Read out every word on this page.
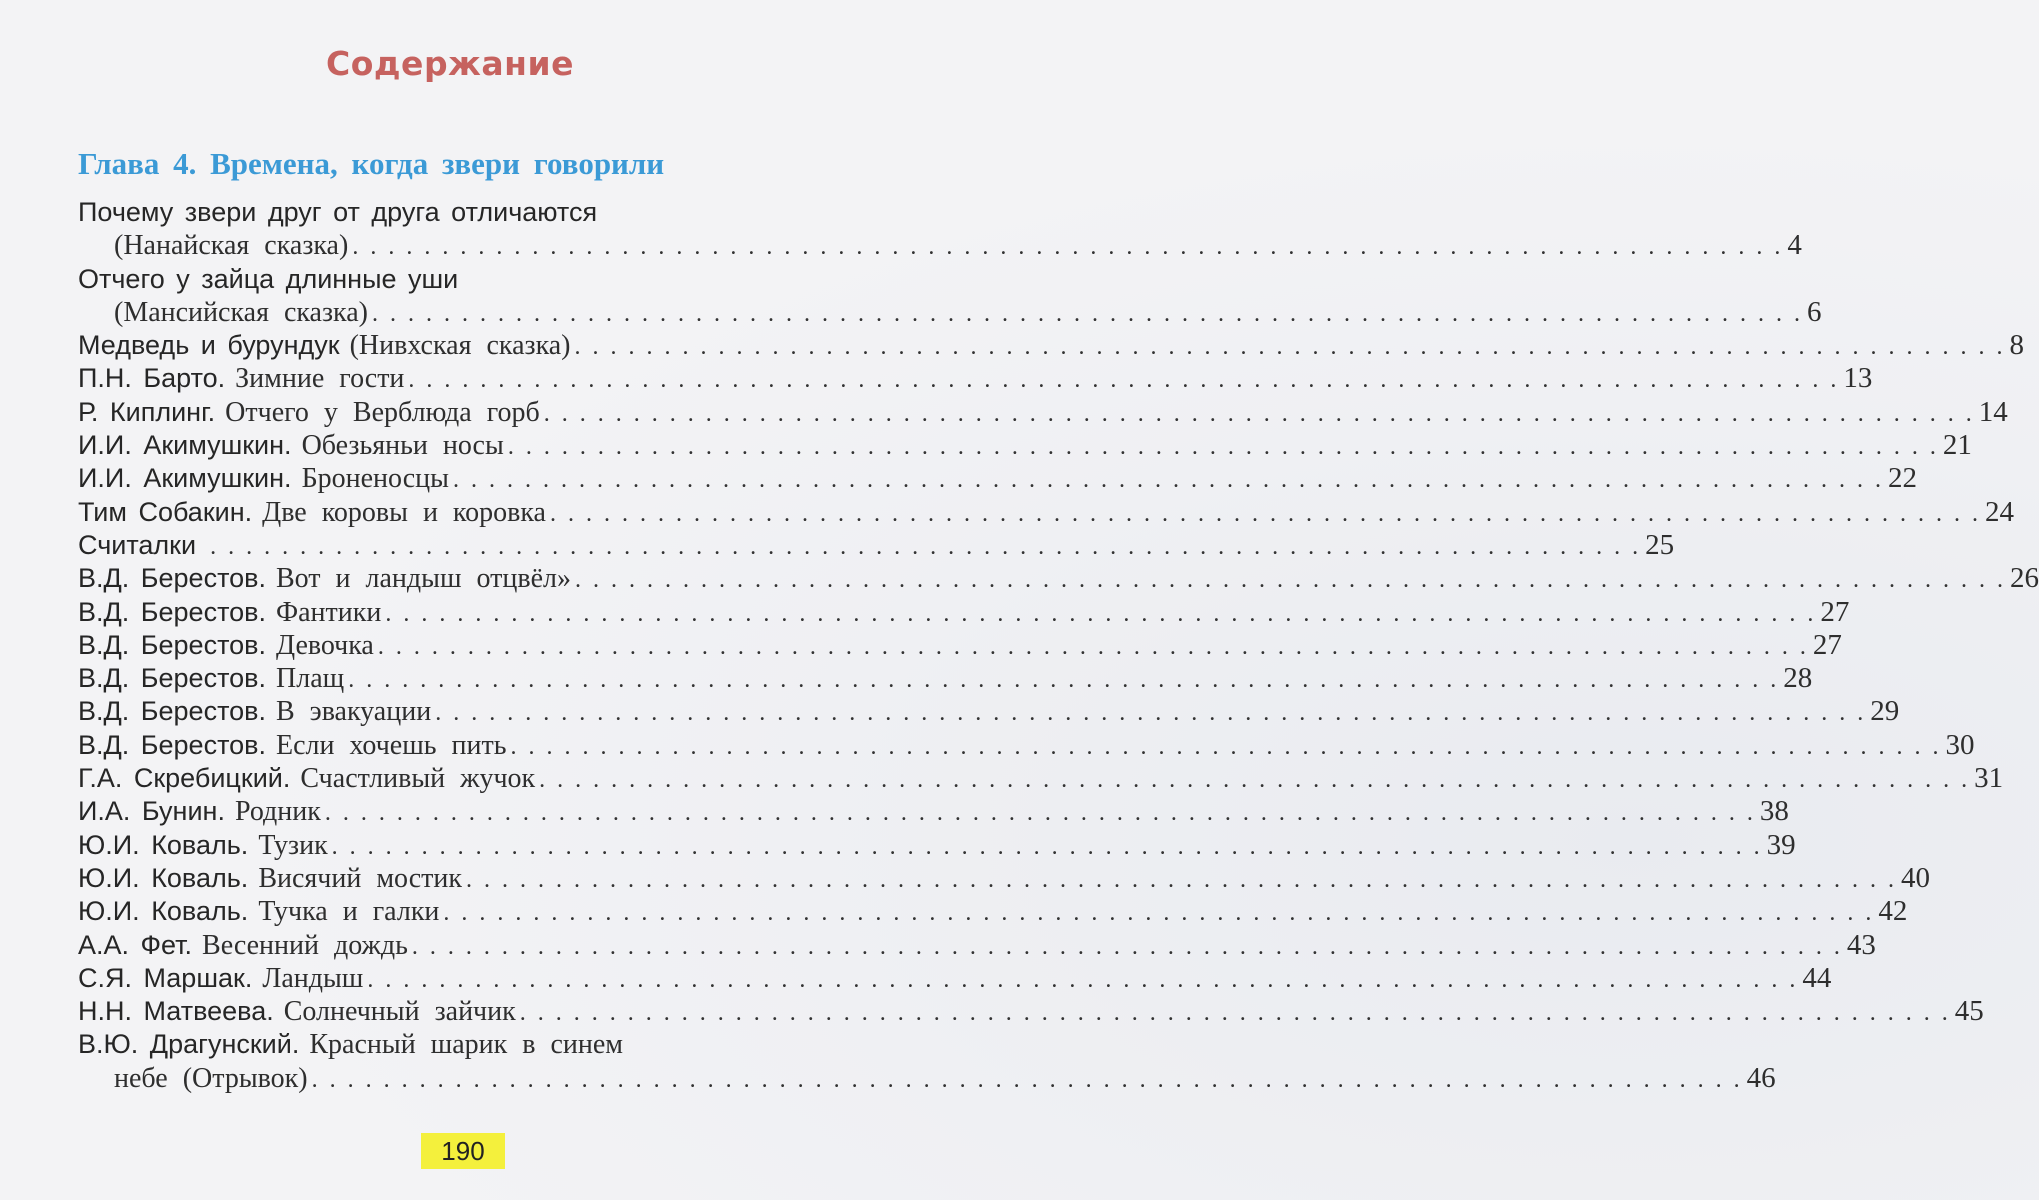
Содержание
Глава 4. Времена, когда звери говорили
Почему звери друг от друга отличаются
(Нанайская сказка) . . . . . . . . . . . . . . . . . . . . . . . . . . . . . . . . . . . . . . . . . . . . . . . . . . . . . . . . . . . . . . . . . . . . . . . . . . . . . . . . 4
Отчего у зайца длинные уши
(Мансийская сказка) . . . . . . . . . . . . . . . . . . . . . . . . . . . . . . . . . . . . . . . . . . . . . . . . . . . . . . . . . . . . . . . . . . . . . . . . . . . . . . . . 6
Медведь и бурундук (Нивхская сказка) . . . . . . . . . . . . . . . . . . . . . . . . . . . . . . . . . . . . . . . . . . . . . . . . . . . . . . . . . . . . . . . . . . . . . . . . . . . . . . . . 8
П.Н. Барто. Зимние гости . . . . . . . . . . . . . . . . . . . . . . . . . . . . . . . . . . . . . . . . . . . . . . . . . . . . . . . . . . . . . . . . . . . . . . . . . . . . . . . . 13
Р. Киплинг. Отчего у Верблюда горб . . . . . . . . . . . . . . . . . . . . . . . . . . . . . . . . . . . . . . . . . . . . . . . . . . . . . . . . . . . . . . . . . . . . . . . . . . . . . . . . 14
И.И. Акимушкин. Обезьяньи носы . . . . . . . . . . . . . . . . . . . . . . . . . . . . . . . . . . . . . . . . . . . . . . . . . . . . . . . . . . . . . . . . . . . . . . . . . . . . . . . . 21
И.И. Акимушкин. Броненосцы . . . . . . . . . . . . . . . . . . . . . . . . . . . . . . . . . . . . . . . . . . . . . . . . . . . . . . . . . . . . . . . . . . . . . . . . . . . . . . . . 22
Тим Собакин. Две коровы и коровка . . . . . . . . . . . . . . . . . . . . . . . . . . . . . . . . . . . . . . . . . . . . . . . . . . . . . . . . . . . . . . . . . . . . . . . . . . . . . . . . 24
Считалки . . . . . . . . . . . . . . . . . . . . . . . . . . . . . . . . . . . . . . . . . . . . . . . . . . . . . . . . . . . . . . . . . . . . . . . . . . . . . . . . 25
В.Д. Берестов. Вот и ландыш отцвёл» . . . . . . . . . . . . . . . . . . . . . . . . . . . . . . . . . . . . . . . . . . . . . . . . . . . . . . . . . . . . . . . . . . . . . . . . . . . . . . . . 26
В.Д. Берестов. Фантики . . . . . . . . . . . . . . . . . . . . . . . . . . . . . . . . . . . . . . . . . . . . . . . . . . . . . . . . . . . . . . . . . . . . . . . . . . . . . . . . 27
В.Д. Берестов. Девочка . . . . . . . . . . . . . . . . . . . . . . . . . . . . . . . . . . . . . . . . . . . . . . . . . . . . . . . . . . . . . . . . . . . . . . . . . . . . . . . . 27
В.Д. Берестов. Плащ . . . . . . . . . . . . . . . . . . . . . . . . . . . . . . . . . . . . . . . . . . . . . . . . . . . . . . . . . . . . . . . . . . . . . . . . . . . . . . . . 28
В.Д. Берестов. В эвакуации . . . . . . . . . . . . . . . . . . . . . . . . . . . . . . . . . . . . . . . . . . . . . . . . . . . . . . . . . . . . . . . . . . . . . . . . . . . . . . . . 29
В.Д. Берестов. Если хочешь пить . . . . . . . . . . . . . . . . . . . . . . . . . . . . . . . . . . . . . . . . . . . . . . . . . . . . . . . . . . . . . . . . . . . . . . . . . . . . . . . . 30
Г.А. Скребицкий. Счастливый жучок . . . . . . . . . . . . . . . . . . . . . . . . . . . . . . . . . . . . . . . . . . . . . . . . . . . . . . . . . . . . . . . . . . . . . . . . . . . . . . . . 31
И.А. Бунин. Родник . . . . . . . . . . . . . . . . . . . . . . . . . . . . . . . . . . . . . . . . . . . . . . . . . . . . . . . . . . . . . . . . . . . . . . . . . . . . . . . . 38
Ю.И. Коваль. Тузик . . . . . . . . . . . . . . . . . . . . . . . . . . . . . . . . . . . . . . . . . . . . . . . . . . . . . . . . . . . . . . . . . . . . . . . . . . . . . . . . 39
Ю.И. Коваль. Висячий мостик . . . . . . . . . . . . . . . . . . . . . . . . . . . . . . . . . . . . . . . . . . . . . . . . . . . . . . . . . . . . . . . . . . . . . . . . . . . . . . . . 40
Ю.И. Коваль. Тучка и галки . . . . . . . . . . . . . . . . . . . . . . . . . . . . . . . . . . . . . . . . . . . . . . . . . . . . . . . . . . . . . . . . . . . . . . . . . . . . . . . . 42
А.А. Фет. Весенний дождь . . . . . . . . . . . . . . . . . . . . . . . . . . . . . . . . . . . . . . . . . . . . . . . . . . . . . . . . . . . . . . . . . . . . . . . . . . . . . . . . 43
С.Я. Маршак. Ландыш . . . . . . . . . . . . . . . . . . . . . . . . . . . . . . . . . . . . . . . . . . . . . . . . . . . . . . . . . . . . . . . . . . . . . . . . . . . . . . . . 44
Н.Н. Матвеева. Солнечный зайчик . . . . . . . . . . . . . . . . . . . . . . . . . . . . . . . . . . . . . . . . . . . . . . . . . . . . . . . . . . . . . . . . . . . . . . . . . . . . . . . . 45
В.Ю. Драгунский. Красный шарик в синем
небе (Отрывок) . . . . . . . . . . . . . . . . . . . . . . . . . . . . . . . . . . . . . . . . . . . . . . . . . . . . . . . . . . . . . . . . . . . . . . . . . . . . . . . . 46
190
